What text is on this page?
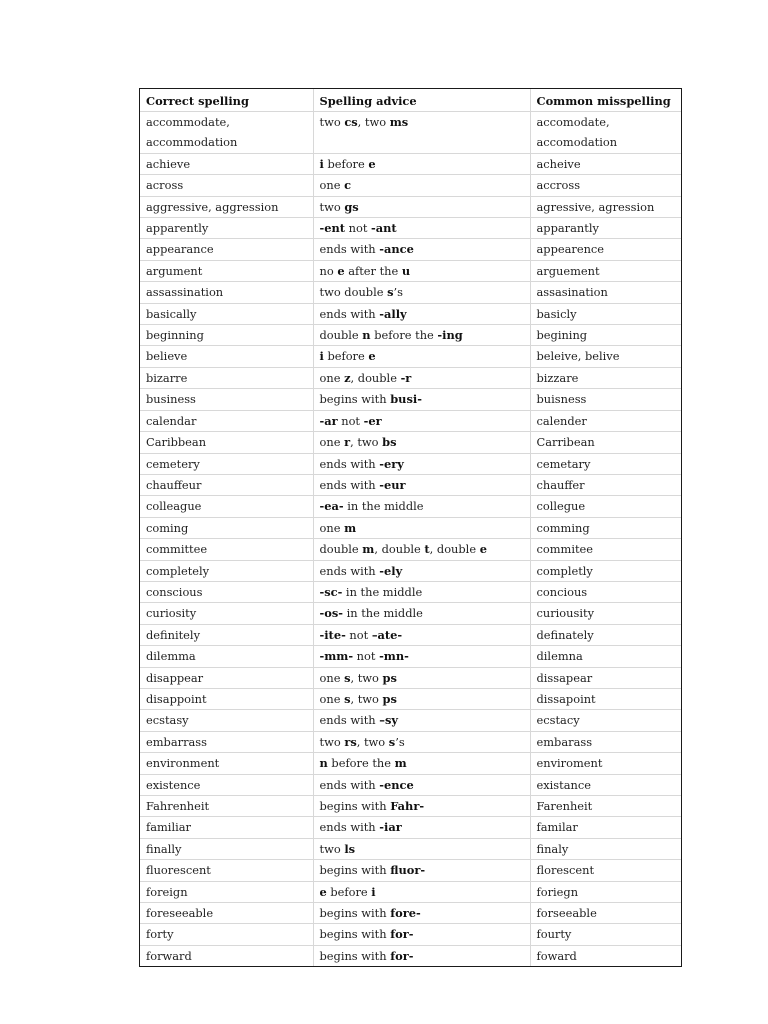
Correct spelling	Spelling advice	Common misspelling
accommodate, accommodation	two cs, two ms	accomodate, accomodation
achieve	i before e	acheive
across	one c	accross
aggressive, aggression	two gs	agressive, agression
apparently	-ent not -ant	apparantly
appearance	ends with -ance	appearence
argument	no e after the u	arguement
assassination	two double s’s	assasination
basically	ends with -ally	basicly
beginning	double n before the -ing	begining
believe	i before e	beleive, belive
bizarre	one z, double -r	bizzare
business	begins with busi-	buisness
calendar	-ar not -er	calender
Caribbean	one r, two bs	Carribean
cemetery	ends with -ery	cemetary
chauffeur	ends with -eur	chauffer
colleague	-ea- in the middle	collegue
coming	one m	comming
committee	double m, double t, double e	commitee
completely	ends with -ely	completly
conscious	-sc- in the middle	concious
curiosity	-os- in the middle	curiousity
definitely	-ite- not –ate-	definately
dilemma	-mm- not -mn-	dilemna
disappear	one s, two ps	dissapear
disappoint	one s, two ps	dissapoint
ecstasy	ends with –sy	ecstacy
embarrass	two rs, two s’s	embarass
environment	n before the m	enviroment
existence	ends with -ence	existance
Fahrenheit	begins with Fahr-	Farenheit
familiar	ends with -iar	familar
finally	two ls	finaly
fluorescent	begins with fluor-	florescent
foreign	e before i	foriegn
foreseeable	begins with fore-	forseeable
forty	begins with for-	fourty
forward	begins with for-	foward
